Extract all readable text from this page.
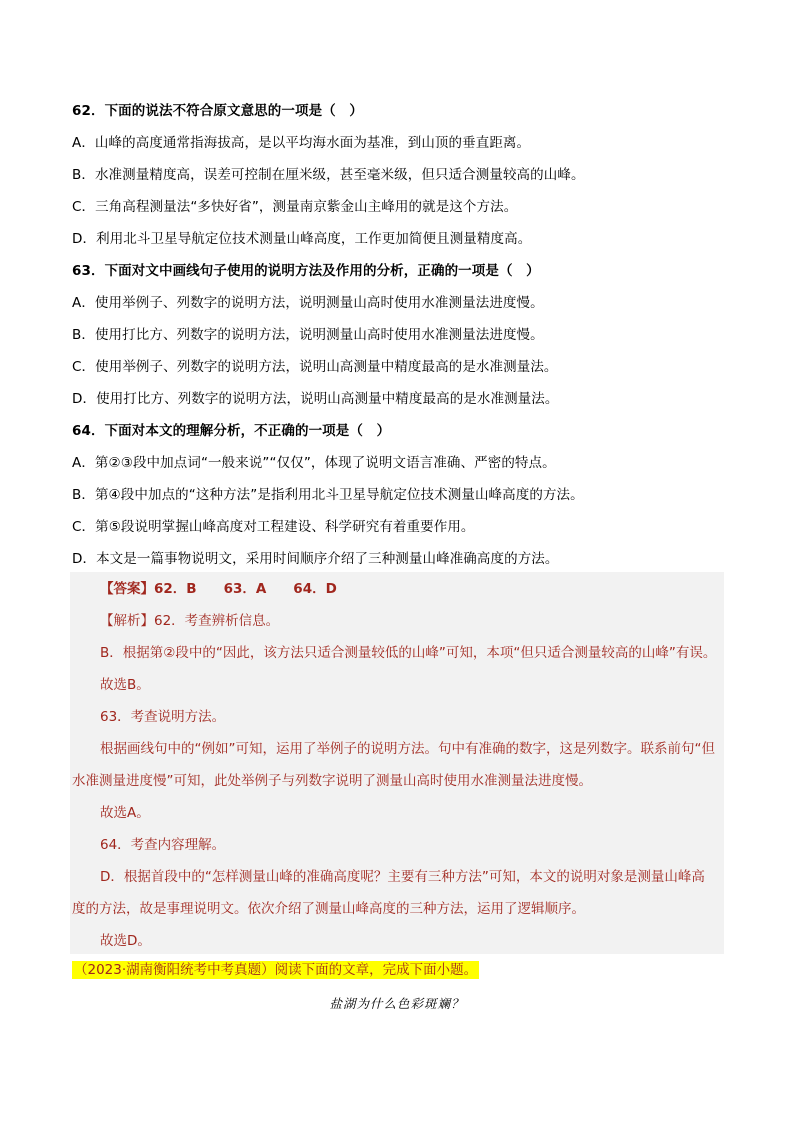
62．下面的说法不符合原文意思的一项是（　）
A．山峰的高度通常指海拔高，是以平均海水面为基准，到山顶的垂直距离。
B．水准测量精度高，误差可控制在厘米级，甚至毫米级，但只适合测量较高的山峰。
C．三角高程测量法“多快好省”，测量南京紫金山主峰用的就是这个方法。
D．利用北斗卫星导航定位技术测量山峰高度，工作更加简便且测量精度高。
63．下面对文中画线句子使用的说明方法及作用的分析，正确的一项是（　）
A．使用举例子、列数字的说明方法，说明测量山高时使用水准测量法进度慢。
B．使用打比方、列数字的说明方法，说明测量山高时使用水准测量法进度慢。
C．使用举例子、列数字的说明方法，说明山高测量中精度最高的是水准测量法。
D．使用打比方、列数字的说明方法，说明山高测量中精度最高的是水准测量法。
64．下面对本文的理解分析，不正确的一项是（　）
A．第②③段中加点词“一般来说”“仅仅”，体现了说明文语言准确、严密的特点。
B．第④段中加点的“这种方法”是指利用北斗卫星导航定位技术测量山峰高度的方法。
C．第⑤段说明掌握山峰高度对工程建设、科学研究有着重要作用。
D．本文是一篇事物说明文，采用时间顺序介绍了三种测量山峰准确高度的方法。
【答案】62．B　　63．A　　64．D
【解析】62．考查辨析信息。
B．根据第②段中的“因此，该方法只适合测量较低的山峰”可知，本项“但只适合测量较高的山峰”有误。
故选B。
63．考查说明方法。
根据画线句中的“例如”可知，运用了举例子的说明方法。句中有准确的数字，这是列数字。联系前句“但
水准测量进度慢”可知，此处举例子与列数字说明了测量山高时使用水准测量法进度慢。
故选A。
64．考查内容理解。
D．根据首段中的“怎样测量山峰的准确高度呢？主要有三种方法”可知，本文的说明对象是测量山峰高
度的方法，故是事理说明文。依次介绍了测量山峰高度的三种方法，运用了逻辑顺序。
故选D。
（2023·湖南衡阳统考中考真题）阅读下面的文章，完成下面小题。
盐湖为什么色彩斑斓？
